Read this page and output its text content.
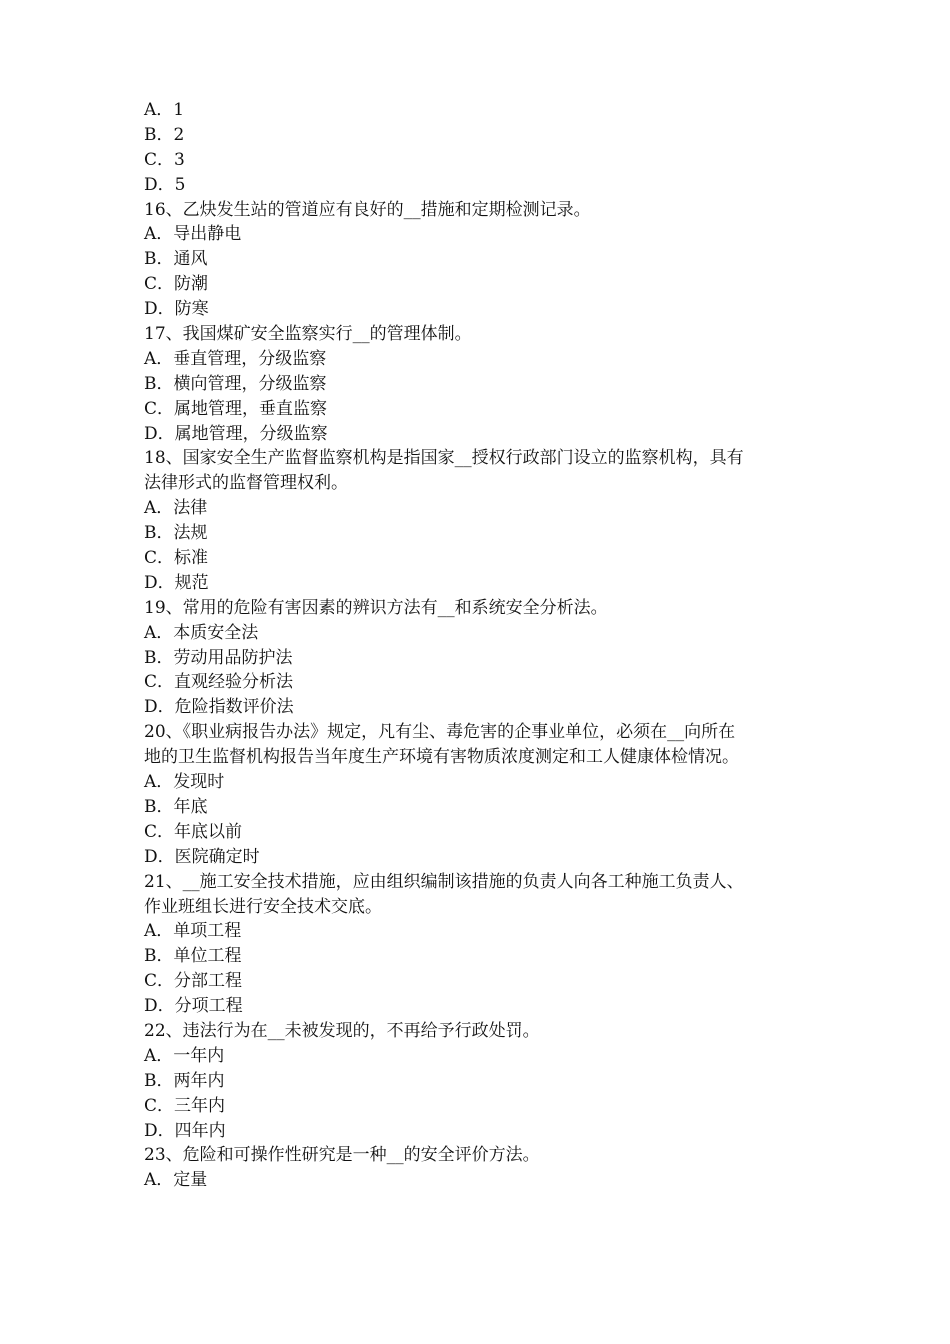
A．1
B．2
C．3
D．5
16、乙炔发生站的管道应有良好的__措施和定期检测记录。
A．导出静电
B．通风
C．防潮
D．防寒
17、我国煤矿安全监察实行__的管理体制。
A．垂直管理，分级监察
B．横向管理，分级监察
C．属地管理，垂直监察
D．属地管理，分级监察
18、国家安全生产监督监察机构是指国家__授权行政部门设立的监察机构，具有
法律形式的监督管理权利。
A．法律
B．法规
C．标准
D．规范
19、常用的危险有害因素的辨识方法有__和系统安全分析法。
A．本质安全法
B．劳动用品防护法
C．直观经验分析法
D．危险指数评价法
20、《职业病报告办法》规定，凡有尘、毒危害的企事业单位，必须在__向所在
地的卫生监督机构报告当年度生产环境有害物质浓度测定和工人健康体检情况。
A．发现时
B．年底
C．年底以前
D．医院确定时
21、__施工安全技术措施，应由组织编制该措施的负责人向各工种施工负责人、
作业班组长进行安全技术交底。
A．单项工程
B．单位工程
C．分部工程
D．分项工程
22、违法行为在__未被发现的，不再给予行政处罚。
A．一年内
B．两年内
C．三年内
D．四年内
23、危险和可操作性研究是一种__的安全评价方法。
A．定量
